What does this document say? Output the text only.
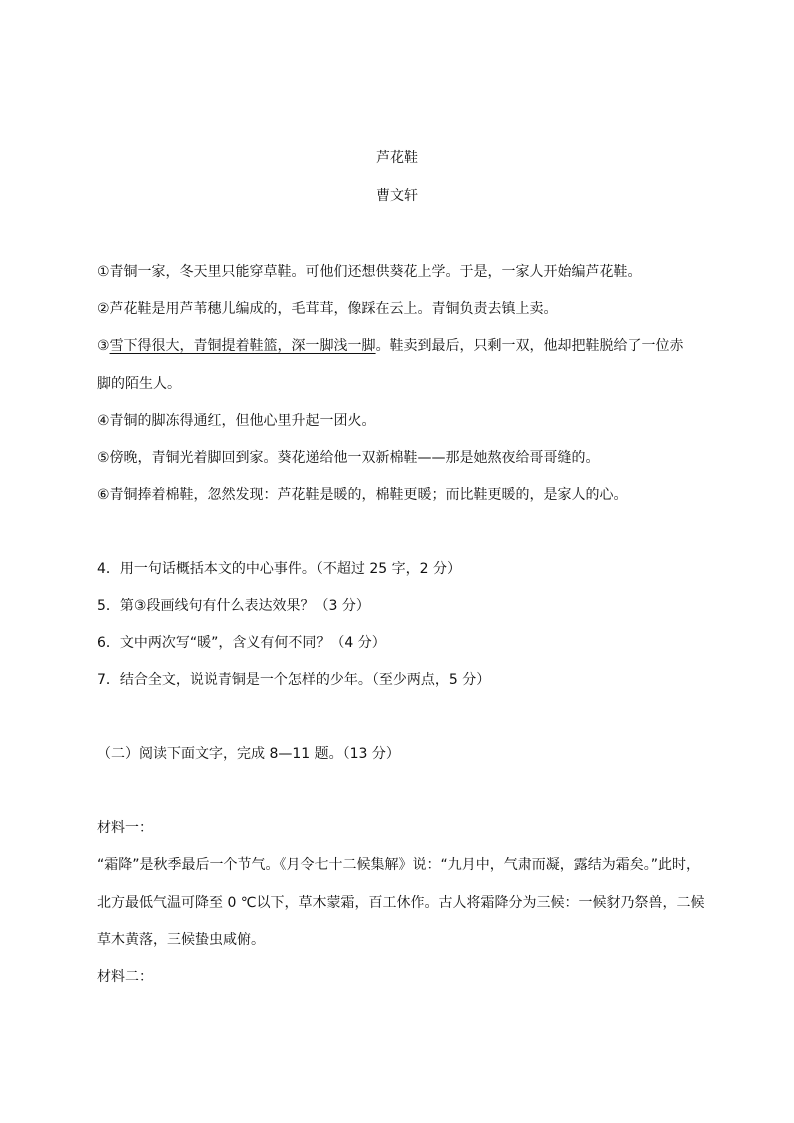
芦花鞋
曹文轩
①青铜一家，冬天里只能穿草鞋。可他们还想供葵花上学。于是，一家人开始编芦花鞋。
②芦花鞋是用芦苇穗儿编成的，毛茸茸，像踩在云上。青铜负责去镇上卖。
③雪下得很大，青铜提着鞋篮，深一脚浅一脚。鞋卖到最后，只剩一双，他却把鞋脱给了一位赤
脚的陌生人。
④青铜的脚冻得通红，但他心里升起一团火。
⑤傍晚，青铜光着脚回到家。葵花递给他一双新棉鞋——那是她熬夜给哥哥缝的。
⑥青铜捧着棉鞋，忽然发现：芦花鞋是暖的，棉鞋更暖；而比鞋更暖的，是家人的心。
4．用一句话概括本文的中心事件。（不超过 25 字，2 分）
5．第③段画线句有什么表达效果？（3 分）
6．文中两次写“暖”，含义有何不同？（4 分）
7．结合全文，说说青铜是一个怎样的少年。（至少两点，5 分）
（二）阅读下面文字，完成 8—11 题。（13 分）
材料一：
“霜降”是秋季最后一个节气。《月令七十二候集解》说：“九月中，气肃而凝，露结为霜矣。”此时，
北方最低气温可降至 0 ℃以下，草木蒙霜，百工休作。古人将霜降分为三候：一候豺乃祭兽，二候
草木黄落，三候蛰虫咸俯。
材料二：
